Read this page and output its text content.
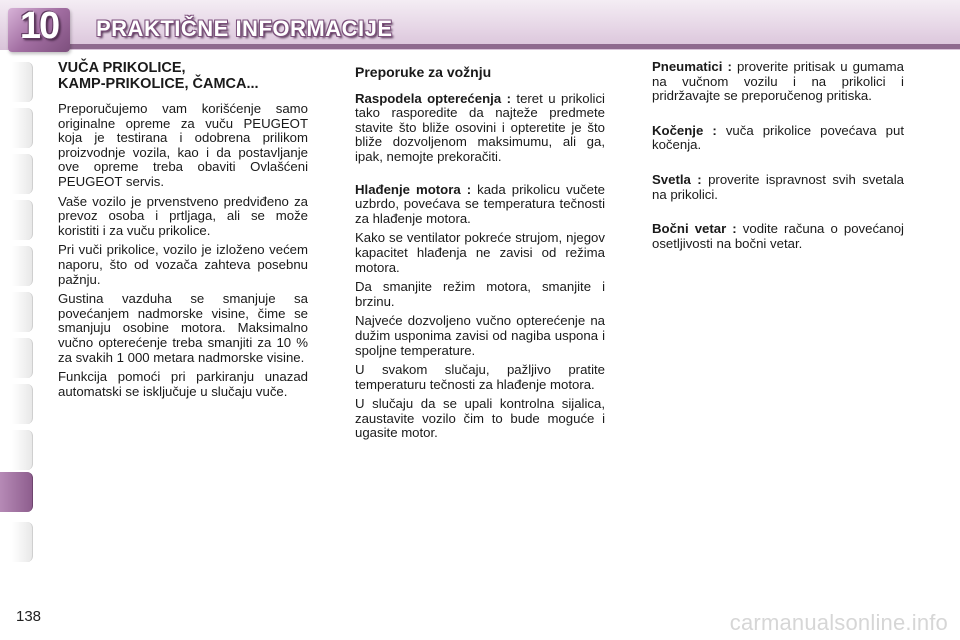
10	PRAKTIČNE INFORMACIJE
VUČA PRIKOLICE,
KAMP-PRIKOLICE, ČAMCA...

Preporučujemo vam korišćenje samo originalne opreme za vuču PEUGEOT koja je testirana i odobrena prilikom proizvodnje vozila, kao i da postavljanje ove opreme treba obaviti Ovlašćeni PEUGEOT servis.

Vaše vozilo je prvenstveno predviđeno za prevoz osoba i prtljaga, ali se može koristiti i za vuču prikolice.

Pri vuči prikolice, vozilo je izloženo većem naporu, što od vozača zahteva posebnu pažnju.

Gustina vazduha se smanjuje sa povećanjem nadmorske visine, čime se smanjuju osobine motora. Maksimalno vučno opterećenje treba smanjiti za 10 % za svakih 1 000 metara nadmorske visine.

Funkcija pomoći pri parkiranju unazad automatski se isključuje u slučaju vuče.

Preporuke za vožnju

Raspodela opterećenja : teret u prikolici tako rasporedite da najteže predmete stavite što bliže osovini i opteretite je što bliže dozvoljenom maksimumu, ali ga, ipak, nemojte prekoračiti.

Hlađenje motora : kada prikolicu vučete uzbrdo, povećava se temperatura tečnosti za hlađenje motora.

Kako se ventilator pokreće strujom, njegov kapacitet hlađenja ne zavisi od režima motora.

Da smanjite režim motora, smanjite i brzinu.

Najveće dozvoljeno vučno opterećenje na dužim usponima zavisi od nagiba uspona i spoljne temperature.

U svakom slučaju, pažljivo pratite temperaturu tečnosti za hlađenje motora.

U slučaju da se upali kontrolna sijalica, zaustavite vozilo čim to bude moguće i ugasite motor.

Pneumatici : proverite pritisak u gumama na vučnom vozilu i na prikolici i pridržavajte se preporučenog pritiska.

Kočenje : vuča prikolice povećava put kočenja.

Svetla : proverite ispravnost svih svetala na prikolici.

Bočni vetar : vodite računa o povećanoj osetljivosti na bočni vetar.

138	carmanualsonline.info
